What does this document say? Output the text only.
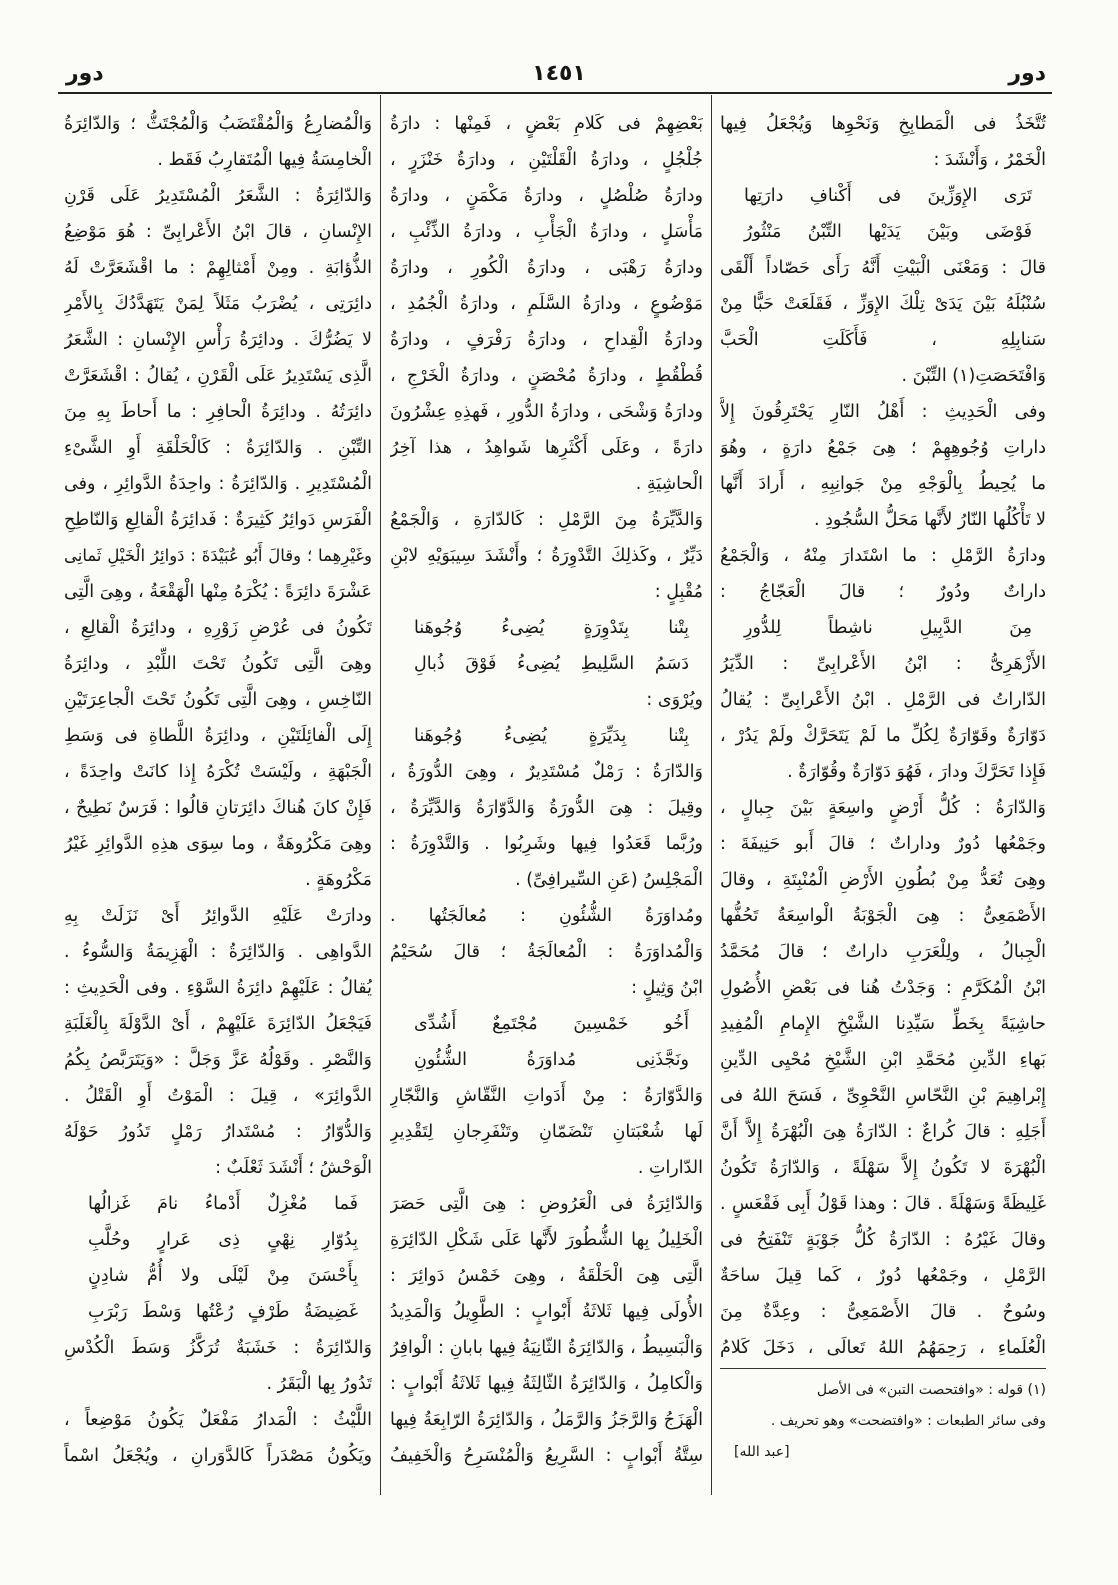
دور
١٤٥١
دور
تُتَّخَذُ فى الْمَطابِخِ وَنَحْوِها وَيُجْعَلُ فِيها
الْخَمْرُ ، وَأَنْشَدَ :
تَرَى الإِوَزِّينَ فى أَكْنافِ دارَتِها
فَوْضَى وبَيْنَ يَدَيْها التِّبْنُ مَنْثُورُ
قالَ : وَمَعْنَى الْبَيْتِ أَنَّهُ رَأَى حَصّاداً أَلْقَى
سُنْبُلَهُ بَيْنَ يَدَىْ تِلْكَ الإِوَزِّ ، فَقَلَعَتْ حَبًّا مِنْ
سَنابِلِهِ ، فَأَكَلَتِ الْحَبَّ
وَافْتَحَصَتِ(١) التِّبْنَ .
وفى الْحَدِيثِ : أَهْلُ النّارِ يَحْتَرِقُونَ إِلاَّ
داراتِ وُجُوهِهِمْ ؛ هِىَ جَمْعُ دارَةٍ ، وهُوَ
ما يُحِيطُ بِالْوَجْهِ مِنْ جَوانِبِهِ ، أَرادَ أَنَّها
لا تَأْكُلُها النّارُ لأَنَّها مَحَلُّ السُّجُودِ .
ودارَةُ الرَّمْلِ : ما اسْتَدارَ مِنْهُ ، وَالْجَمْعُ
داراتٌ ودُورٌ ؛ قالَ الْعَجّاجُ :
مِنَ الدَّبِيلِ ناشِطاً لِلدُّورِ
الأَزْهَرِىُّ : ابْنُ الأَعْرابِىِّ : الدِّيَرُ
الدّاراتُ فى الرَّمْلِ . ابْنُ الأَعْرابِىِّ : يُقالُ
دَوّارَةٌ وقَوّارَةٌ لِكُلِّ ما لَمْ يَتَحَرَّكْ ولَمْ يَدُرْ ،
فَإِذا تَحَرَّكَ ودارَ ، فَهُوَ دَوّارَةٌ وقُوّارَةٌ .
وَالدّارَةُ : كُلُّ أَرْضٍ واسِعَةٍ بَيْنَ جِبالٍ ،
وجَمْعُها دُورٌ وداراتٌ ؛ قالَ أَبو حَنِيفَةَ :
وهِىَ تُعَدُّ مِنْ بُطُونِ الأَرْضِ الْمُنْبِتَةِ ، وقالَ
الأَصْمَعِىُّ : هِىَ الْجَوْبَةُ الْواسِعَةُ تَحُفُّها
الْجِبالُ ، ولِلْعَرَبِ داراتٌ ؛ قالَ مُحَمَّدُ
ابْنُ الْمُكَرَّمِ : وَجَدْتُ هُنا فى بَعْضِ الأُصُولِ
حاشِيَةً بِخَطِّ سَيِّدِنا الشَّيْخِ الإِمامِ الْمُفِيدِ
بَهاءِ الدِّينِ مُحَمَّدِ ابْنِ الشَّيْخِ مُحْيِى الدِّينِ
إِبْراهِيمَ بْنِ النَّحّاسِ النَّحْوِىِّ ، فَسَحَ اللهُ فى
أَجَلِهِ : قالَ كُراعٌ : الدّارَةُ هِىَ الْبُهْرَةُ إِلاَّ أَنَّ
الْبُهْرَةَ لا تَكُونُ إِلاَّ سَهْلَةً ، وَالدّارَةُ تَكُونُ
غَلِيظَةً وَسَهْلَةً . قالَ : وهذا قَوْلُ أَبِى فَقْعَسٍ .
وقالَ غَيْرُهُ : الدّارَةُ كُلُّ جَوْبَةٍ تَنْفَتِحُ فى
الرَّمْلِ ، وجَمْعُها دُورٌ ، كَما قِيلَ ساحَةٌ
وسُوحٌ . قالَ الأَصْمَعِىُّ : وعِدَّةٌ مِنَ
الْعُلَماءِ ، رَحِمَهُمُ اللهُ تَعالَى ، دَخَلَ كَلامُ
(١) قوله : «وافتحصت التبن» فى الأصل
وفى سائر الطبعات : «وافتضحت» وهو تحريف .
[عبد الله]
بَعْضِهِمْ فى كَلامِ بَعْضٍ ، فَمِنْها : دارَةُ
جُلْجُلٍ ، ودارَةُ الْقَلْتَيْنِ ، ودارَةُ خَنْزَرٍ ،
ودارَةُ صُلْصُلٍ ، ودارَةُ مَكْمَنٍ ، ودارَةُ
مَأْسَلٍ ، ودارَةُ الْجَأْبِ ، ودارَةُ الذِّئْبِ ،
ودارَةُ رَهْبَى ، ودارَةُ الْكُورِ ، ودارَةُ
مَوْضُوعٍ ، ودارَةُ السَّلَمِ ، ودارَةُ الْجُمُدِ ،
ودارَةُ الْقِداحِ ، ودارَةُ رَفْرَفٍ ، ودارَةُ
قُطْقُطٍ ، ودارَةُ مُحْصَنٍ ، ودارَةُ الْخَرْجِ ،
ودارَةُ وَشْحَى ، ودارَةُ الدُّورِ ، فَهذِهِ عِشْرُونَ
دارَةً ، وعَلَى أَكْثَرِها شَواهِدُ ، هذا آخِرُ
الْحاشِيَةِ .
وَالدَّيِّرَةُ مِنَ الرَّمْلِ : كَالدّارَةِ ، وَالْجَمْعُ
دَيِّرٌ ، وكَذلِكَ التَّدْوِرَةُ ؛ وأَنْشَدَ سِيبَوَيْهِ لابْنِ
مُقْبِلٍ :
بِتْنا بِتَدْوِرَةٍ يُضِىءُ وُجُوهَنا
دَسَمُ السَّلِيطِ يُضِىءُ فَوْقَ ذُبالِ
ويُرْوَى :
بِتْنا بِدَيِّرَةٍ يُضِىءُ وُجُوهَنا
وَالدّارَةُ : رَمْلٌ مُسْتَدِيرٌ ، وهِىَ الدُّورَةُ ،
وقِيلَ : هِىَ الدُّورَةُ وَالدَّوّارَةُ وَالدَّيِّرَةُ ،
ورُبَّما قَعَدُوا فِيها وشَرِبُوا . وَالتَّدْوِرَةُ :
الْمَجْلِسُ (عَنِ السِّيرافِىِّ) .
ومُداوَرَةُ الشُّئُونِ : مُعالَجَتُها .
وَالْمُداوَرَةُ : الْمُعالَجَةُ ؛ قالَ سُحَيْمُ
ابْنُ وَثِيلٍ :
أَخُو خَمْسِينَ مُجْتَمِعٌ أَشُدِّى
ونَجَّذَنِى مُداوَرَةُ الشُّئُونِ
وَالدَّوّارَةُ : مِنْ أَدَواتِ النَّقّاشِ وَالنَّجّارِ
لَها شُعْبَتانِ تَنْضَمّانِ وتَنْفَرِجانِ لِتَقْدِيرِ
الدّاراتِ .
وَالدّائِرَةُ فى الْعَرُوضِ : هِىَ الَّتِى حَصَرَ
الْخَلِيلُ بِها الشُّطُورَ لأَنَّها عَلَى شَكْلِ الدّائِرَةِ
الَّتِى هِىَ الْحَلْقَةُ ، وهِىَ خَمْسُ دَوائِرَ :
الأُولَى فِيها ثَلاثَةُ أَبْوابٍ : الطَّوِيلُ وَالْمَدِيدُ
وَالْبَسِيطُ ، وَالدّائِرَةُ الثّانِيَةُ فِيها بابانِ : الْوافِرُ
وَالْكامِلُ ، وَالدّائِرَةُ الثّالِثَةُ فِيها ثَلاثَةُ أَبْوابٍ :
الْهَزَجُ وَالرَّجَزُ وَالرَّمَلُ ، وَالدّائِرَةُ الرّابِعَةُ فِيها
سِتَّةُ أَبْوابٍ : السَّرِيعُ وَالْمُنْسَرِحُ وَالْخَفِيفُ
وَالْمُضارِعُ وَالْمُقْتَضَبُ وَالْمُجْتَثُّ ؛ وَالدّائِرَةُ
الْخامِسَةُ فِيها الْمُتَقارِبُ فَقَط .
وَالدّائِرَةُ : الشَّعَرُ الْمُسْتَدِيرُ عَلَى قَرْنِ
الإِنْسانِ ، قالَ ابْنُ الأَعْرابِىِّ : هُوَ مَوْضِعُ
الذُّؤابَةِ . ومِنْ أَمْثالِهِمْ : ما اقْشَعَرَّتْ لَهُ
دائِرَتِى ، يُضْرَبُ مَثَلاً لِمَنْ يَتَهَدَّدُكَ بِالأَمْرِ
لا يَضُرُّكَ . ودائِرَةُ رَأْسِ الإِنْسانِ : الشَّعَرُ
الَّذِى يَسْتَدِيرُ عَلَى الْقَرْنِ ، يُقالُ : اقْشَعَرَّتْ
دائِرَتُهُ . ودائِرَةُ الْحافِرِ : ما أَحاطَ بِهِ مِنَ
التِّبْنِ . وَالدّائِرَةُ : كَالْحَلْقَةِ أَوِ الشَّىْءِ
الْمُسْتَدِيرِ . وَالدّائِرَةُ : واحِدَةُ الدَّوائِرِ ، وفى
الْفَرَسِ دَوائِرُ كَثِيرَةٌ : فَدائِرَةُ الْقالِعِ وَالنّاطِحِ
وغَيْرِهِما ؛ وقالَ أَبُو عُبَيْدَةَ : دَوائِرُ الْخَيْلِ ثَمانِى
عَشْرَةَ دائِرَةً : يُكْرَهُ مِنْها الْهَقْعَةُ ، وهِىَ الَّتِى
تَكُونُ فى عُرْضِ زَوْرِهِ ، ودائِرَةُ الْقالِعِ ،
وهِىَ الَّتِى تَكُونُ تَحْتَ اللِّبْدِ ، ودائِرَةُ
النّاخِسِ ، وهِىَ الَّتِى تَكُونُ تَحْتَ الْجاعِرَتَيْنِ
إِلَى الْفائِلَتَيْنِ ، ودائِرَةُ اللَّطاةِ فى وَسَطِ
الْجَبْهَةِ ، ولَيْسَتْ تُكْرَهُ إِذا كانَتْ واحِدَةً ،
فَإِنْ كانَ هُناكَ دائِرَتانِ قالُوا : فَرَسٌ نَطِيحٌ ،
وهِىَ مَكْرُوهَةٌ ، وما سِوَى هذِهِ الدَّوائِرِ غَيْرُ
مَكْرُوهَةٍ .
ودارَتْ عَلَيْهِ الدَّوائِرُ أَىْ نَزَلَتْ بِهِ
الدَّواهِى . وَالدّائِرَةُ : الْهَزِيمَةُ وَالسُّوءُ .
يُقالُ : عَلَيْهِمْ دائِرَةُ السَّوْءِ . وفى الْحَدِيثِ :
فَيَجْعَلُ الدّائِرَةَ عَلَيْهِمْ ، أَىْ الدَّوْلَةَ بِالْغَلَبَةِ
وَالنَّصْرِ . وقَوْلُهُ عَزَّ وَجَلَّ : «وَيَتَرَبَّصُ بِكُمُ
الدَّوائِرَ» ، قِيلَ : الْمَوْتُ أَوِ الْقَتْلُ .
وَالدُّوّارُ : مُسْتَدارُ رَمْلٍ تَدُورُ حَوْلَهُ
الْوَحْشُ ؛ أَنْشَدَ ثَعْلَبٌ :
فَما مُغْزِلٌ أَدْماءُ نامَ غَزالُها
بِدُوّارِ نِهْىٍ ذِى عَرارٍ وحُلَّبِ
بِأَحْسَنَ مِنْ لَيْلَى ولا أُمُّ شادِنٍ
غَضِيضَةُ طَرْفٍ رُعْتُها وَسْطَ رَبْرَبِ
وَالدّائِرَةُ : خَشَبَةٌ تُرَكَّزُ وَسَطَ الْكُدْسِ
تَدُورُ بِها الْبَقَرُ .
اللَّيْثُ : الْمَدارُ مَفْعَلٌ يَكُونُ مَوْضِعاً ،
ويَكُونُ مَصْدَراً كَالدَّوَرانِ ، ويُجْعَلُ اسْماً
